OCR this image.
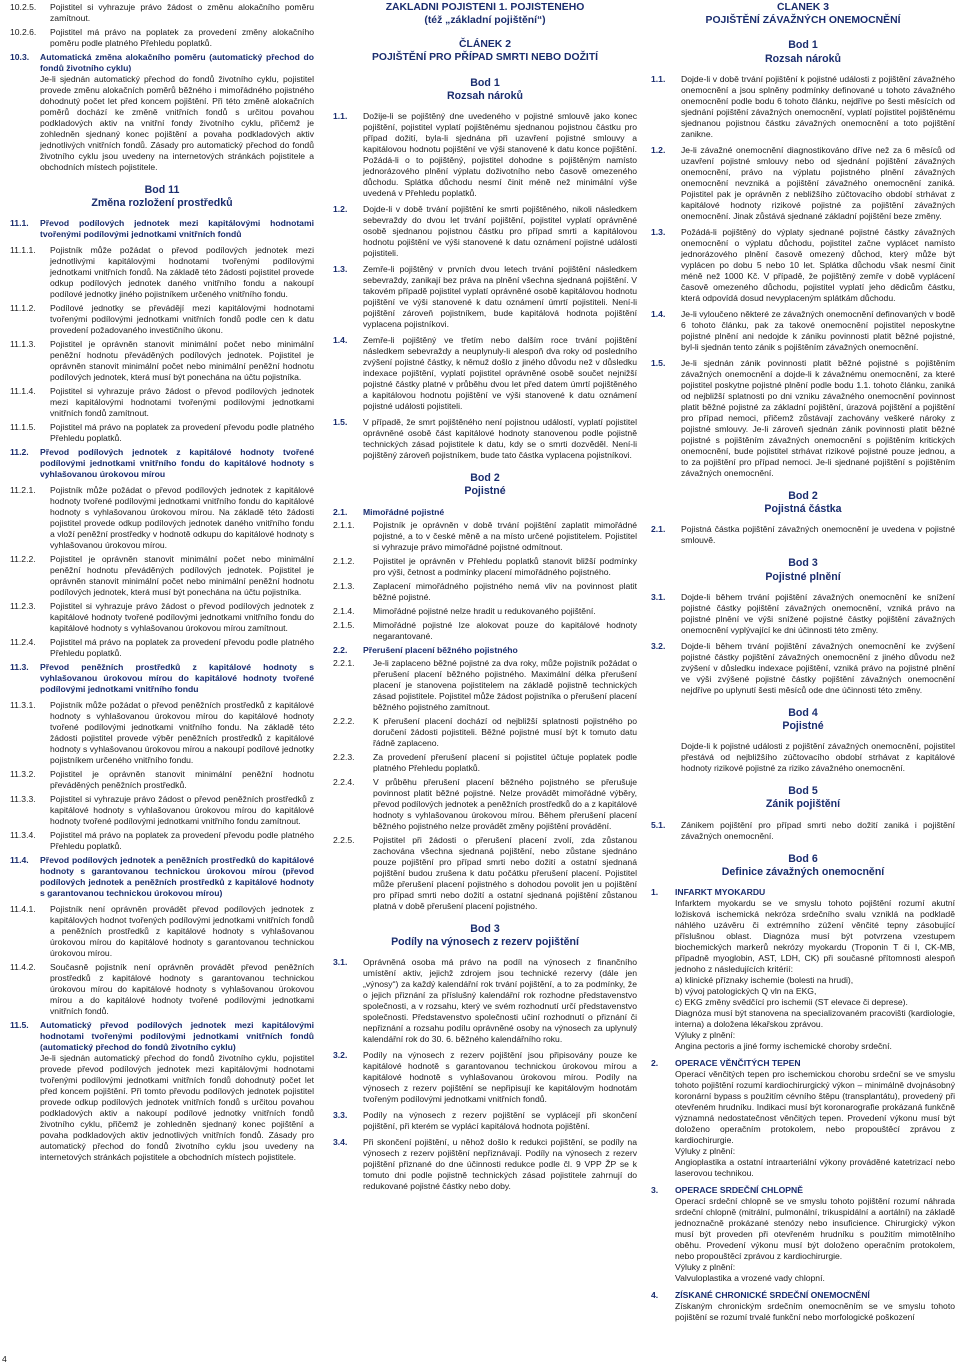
10.2.5.	Pojistitel si vyhrazuje právo žádost o změnu alokačního poměru zamítnout.
10.2.6.	Pojistitel má právo na poplatek za provedení změny alokačního poměru podle platného Přehledu poplatků.
10.3.	Automatická změna alokačního poměru (automatický přechod do fondů životního cyklu)
Je-li sjednán automatický přechod do fondů životního cyklu, pojistitel provede změnu alokačních poměrů běžného i mimořádného pojistného dohodnutý počet let před koncem pojištění. Při této změně alokačních poměrů dochází ke změně vnitřních fondů s určitou povahou podkladových aktiv na vnitřní fondy životního cyklu, přičemž je zohledněn sjednaný konec pojištění a povaha podkladových aktiv jednotlivých vnitřních fondů. Zásady pro automatický přechod do fondů životního cyklu jsou uvedeny na internetových stránkách pojistitele a obchodních místech pojistitele.
Bod 11
Změna rozložení prostředků
11.1.	Převod podílových jednotek mezi kapitálovými hodnotami tvořenými podílovými jednotkami vnitřních fondů
11.1.1.	Pojistník může požádat o převod podílových jednotek mezi jednotlivými kapitálovými hodnotami tvořenými podílovými jednotkami vnitřních fondů. Na základě této žádosti pojistitel provede odkup podílových jednotek daného vnitřního fondu a nakoupí podílové jednotky jiného pojistníkem určeného vnitřního fondu.
11.1.2.	Podílové jednotky se převádějí mezi kapitálovými hodnotami tvořenými podílovými jednotkami vnitřních fondů podle cen k datu provedení požadovaného investičního úkonu.
11.1.3.	Pojistitel je oprávněn stanovit minimální počet nebo minimální peněžní hodnotu převáděných podílových jednotek. Pojistitel je oprávněn stanovit minimální počet nebo minimální peněžní hodnotu podílových jednotek, která musí být ponechána na účtu pojistníka.
11.1.4.	Pojistitel si vyhrazuje právo žádost o převod podílových jednotek mezi kapitálovými hodnotami tvořenými podílovými jednotkami vnitřních fondů zamítnout.
11.1.5.	Pojistitel má právo na poplatek za provedení převodu podle platného Přehledu poplatků.
11.2.	Převod podílových jednotek z kapitálové hodnoty tvořené podílovými jednotkami vnitřního fondu do kapitálové hodnoty s vyhlašovanou úrokovou mírou
11.2.1.	Pojistník může požádat o převod podílových jednotek z kapitálové hodnoty tvořené podílovými jednotkami vnitřního fondu do kapitálové hodnoty s vyhlašovanou úrokovou mírou. Na základě této žádosti pojistitel provede odkup podílových jednotek daného vnitřního fondu a vloží peněžní prostředky v hodnotě odkupu do kapitálové hodnoty s vyhlašovanou úrokovou mírou.
11.2.2.	Pojistitel je oprávněn stanovit minimální počet nebo minimální peněžní hodnotu převáděných podílových jednotek. Pojistitel je oprávněn stanovit minimální počet nebo minimální peněžní hodnotu podílových jednotek, která musí být ponechána na účtu pojistníka.
11.2.3.	Pojistitel si vyhrazuje právo žádost o převod podílových jednotek z kapitálové hodnoty tvořené podílovými jednotkami vnitřního fondu do kapitálové hodnoty s vyhlašovanou úrokovou mírou zamítnout.
11.2.4.	Pojistitel má právo na poplatek za provedení převodu podle platného Přehledu poplatků.
11.3.	Převod peněžních prostředků z kapitálové hodnoty s vyhlašovanou úrokovou mírou do kapitálové hodnoty tvořené podílovými jednotkami vnitřního fondu
11.3.1.	Pojistník může požádat o převod peněžních prostředků z kapitálové hodnoty s vyhlašovanou úrokovou mírou do kapitálové hodnoty tvořené podílovými jednotkami vnitřního fondu. Na základě této žádosti pojistitel provede výběr peněžních prostředků z kapitálové hodnoty s vyhlašovanou úrokovou mírou a nakoupí podílové jednotky pojistníkem určeného vnitřního fondu.
11.3.2.	Pojistitel je oprávněn stanovit minimální peněžní hodnotu převáděných peněžních prostředků.
11.3.3.	Pojistitel si vyhrazuje právo žádost o převod peněžních prostředků z kapitálové hodnoty s vyhlašovanou úrokovou mírou do kapitálové hodnoty tvořené podílovými jednotkami vnitřního fondu zamítnout.
11.3.4.	Pojistitel má právo na poplatek za provedení převodu podle platného Přehledu poplatků.
11.4.	Převod podílových jednotek a peněžních prostředků do kapitálové hodnoty s garantovanou technickou úrokovou mírou (převod podílových jednotek a peněžních prostředků z kapitálové hodnoty s garantovanou technickou úrokovou mírou)
11.4.1.	Pojistník není oprávněn provádět převod podílových jednotek z kapitálových hodnot tvořených podílovými jednotkami vnitřních fondů a peněžních prostředků z kapitálové hodnoty s vyhlašovanou úrokovou mírou do kapitálové hodnoty s garantovanou technickou úrokovou mírou.
11.4.2.	Současně pojistník není oprávněn provádět převod peněžních prostředků z kapitálové hodnoty s garantovanou technickou úrokovou mírou do kapitálové hodnoty s vyhlašovanou úrokovou mírou a do kapitálové hodnoty tvořené podílovými jednotkami vnitřních fondů.
11.5.	Automatický převod podílových jednotek mezi kapitálovými hodnotami tvořenými podílovými jednotkami vnitřních fondů (automatický přechod do fondů životního cyklu)
Je-li sjednán automatický přechod do fondů životního cyklu, pojistitel provede převod podílových jednotek mezi kapitálovými hodnotami tvořenými podílovými jednotkami vnitřních fondů dohodnutý počet let před koncem pojištění. Při tomto převodu podílových jednotek pojistitel provede odkup podílových jednotek vnitřních fondů s určitou povahou podkladových aktiv a nakoupí podílové jednotky vnitřních fondů životního cyklu, přičemž je zohledněn sjednaný konec pojištění a povaha podkladových aktiv jednotlivých vnitřních fondů. Zásady pro automatický přechod do fondů životního cyklu jsou uvedeny na internetových stránkách pojistitele a obchodních místech pojistitele.
ZÁKLADNÍ POJIŠTĚNÍ 1. POJIŠTĚNÉHO
(též „základní pojištění“)
ČLÁNEK 2
POJIŠTĚNÍ PRO PŘÍPAD SMRTI NEBO DOŽITÍ
Bod 1
Rozsah nároků
1.1.	Dožije-li se pojištěný dne uvedeného v pojistné smlouvě jako konec pojištění, pojistitel vyplatí pojištěnému sjednanou pojistnou částku pro případ dožití, byla-li sjednána při uzavření pojistné smlouvy a kapitálovou hodnotu pojištění ve výši stanovené k datu konce pojištění. Požádá-li o to pojištěný, pojistitel dohodne s pojištěným namísto jednorázového plnění výplatu doživotního nebo časově omezeného důchodu. Splátka důchodu nesmí činit méně než minimální výše uvedená v Přehledu poplatků.
1.2.	Dojde-li v době trvání pojištění ke smrti pojištěného, nikoli následkem sebevraždy do dvou let trvání pojištění, pojistitel vyplatí oprávněné osobě sjednanou pojistnou částku pro případ smrti a kapitálovou hodnotu pojištění ve výši stanovené k datu oznámení pojistné události pojistiteli.
1.3.	Zemře-li pojištěný v prvních dvou letech trvání pojištění následkem sebevraždy, zanikají bez práva na plnění všechna sjednaná pojištění. V takovém případě pojistitel vyplatí oprávněné osobě kapitálovou hodnotu pojištění ve výši stanovené k datu oznámení úmrtí pojistiteli. Není-li pojištění zároveň pojistníkem, bude kapitálová hodnota pojištění vyplacena pojistníkovi.
1.4.	Zemře-li pojištěný ve třetím nebo dalším roce trvání pojištění následkem sebevraždy a neuplynuly-li alespoň dva roky od posledního zvýšení pojistné částky, k němuž došlo z jiného důvodu než v důsledku indexace pojištění, vyplatí pojistitel oprávněné osobě součet nejnižší pojistné částky platné v průběhu dvou let před datem úmrtí pojištěného a kapitálovou hodnotu pojištění ve výši stanovené k datu oznámení pojistné události pojistiteli.
1.5.	V případě, že smrt pojištěného není pojistnou událostí, vyplatí pojistitel oprávněné osobě část kapitálové hodnoty stanovenou podle pojistně technických zásad pojistitele k datu, kdy se o smrti dozvěděl. Není-li pojištěný zároveň pojistníkem, bude tato částka vyplacena pojistníkovi.
Bod 2
Pojistné
2.1.	Mimořádné pojistné
2.1.1.	Pojistník je oprávněn v době trvání pojištění zaplatit mimořádné pojistné, a to v české měně a na místo určené pojistitelem. Pojistitel si vyhrazuje právo mimořádné pojistné odmítnout.
2.1.2.	Pojistitel je oprávněn v Přehledu poplatků stanovit bližší podmínky pro výši, četnost a podmínky placení mimořádného pojistného.
2.1.3.	Zaplacení mimořádného pojistného nemá vliv na povinnost platit běžné pojistné.
2.1.4.	Mimořádné pojistné nelze hradit u redukovaného pojištění.
2.1.5.	Mimořádné pojistné lze alokovat pouze do kapitálové hodnoty negarantované.
2.2.	Přerušení placení běžného pojistného
2.2.1.	Je-li zaplaceno běžné pojistné za dva roky, může pojistník požádat o přerušení placení běžného pojistného. Maximální délka přerušení placení je stanovena pojistitelem na základě pojistně technických zásad pojistitele. Pojistitel může žádost pojistníka o přerušení placení běžného pojistného zamítnout.
2.2.2.	K přerušení placení dochází od nejbližší splatnosti pojistného po doručení žádosti pojistiteli. Běžné pojistné musí být k tomuto datu řádně zaplaceno.
2.2.3.	Za provedení přerušení placení si pojistitel účtuje poplatek podle platného Přehledu poplatků.
2.2.4.	V průběhu přerušení placení běžného pojistného se přerušuje povinnost platit běžné pojistné. Nelze provádět mimořádné výběry, převod podílových jednotek a peněžních prostředků do a z kapitálové hodnoty s vyhlašovanou úrokovou mírou. Během přerušení placení běžného pojistného nelze provádět změny pojištění provádění.
2.2.5.	Pojistitel při žádosti o přerušení placení zvolí, zda zůstanou zachována všechna sjednaná pojištění, nebo zůstane sjednáno pouze pojištění pro případ smrti nebo dožití a ostatní sjednaná pojištění budou zrušena k datu počátku přerušení placení. Pojistitel může přerušení placení pojistného s dohodou povolit jen u pojištění pro případ smrti nebo dožití a ostatní sjednaná pojištění zůstanou platná v době přerušení placení pojistného.
Bod 3
Podíly na výnosech z rezerv pojištění
3.1.	Oprávněná osoba má právo na podíl na výnosech z finančního umístění aktiv, jejichž zdrojem jsou technické rezervy (dále jen „výnosy“) za každý kalendářní rok trvání pojištění, a to za podmínky, že o jejich přiznání za příslušný kalendářní rok rozhodne představenstvo společnosti, a v rozsahu, který ve svém rozhodnutí určí představenstvo společnosti. Představenstvo společnosti učiní rozhodnutí o přiznání či nepřiznání a rozsahu podílu oprávněné osoby na výnosech za uplynulý kalendářní rok do 30. 6. běžného kalendářního roku.
3.2.	Podíly na výnosech z rezerv pojištění jsou připisovány pouze ke kapitálové hodnotě s garantovanou technickou úrokovou mírou a kapitálové hodnotě s vyhlašovanou úrokovou mírou. Podíly na výnosech z rezerv pojištění se nepřipisují ke kapitálovým hodnotám tvořeným podílovými jednotkami vnitřních fondů.
3.3.	Podíly na výnosech z rezerv pojištění se vyplácejí při skončení pojištění, při kterém se vyplácí kapitálová hodnota pojištění.
3.4.	Při skončení pojištění, u něhož došlo k redukci pojištění, se podíly na výnosech z rezerv pojištění nepřiznávají. Podíly na výnosech z rezerv pojištění přiznané do dne účinnosti redukce podle čl. 9 VPP ŽP se k tomuto dni podle pojistně technických zásad pojistitele zahrnují do redukované pojistné částky nebo doby.
ČLÁNEK 3
POJIŠTĚNÍ ZÁVAŽNÝCH ONEMOCNĚNÍ
Bod 1
Rozsah nároků
1.1.	Dojde-li v době trvání pojištění k pojistné události z pojištění závažného onemocnění a jsou splněny podmínky definované u tohoto závažného onemocnění podle bodu 6 tohoto článku, nejdříve po šesti měsících od sjednání pojištění závažných onemocnění, vyplatí pojistitel pojištěnému sjednanou pojistnou částku závažných onemocnění a toto pojištění zanikne.
1.2.	Je-li závažné onemocnění diagnostikováno dříve než za 6 měsíců od uzavření pojistné smlouvy nebo od sjednání pojištění závažných onemocnění, právo na výplatu pojistného plnění závažných onemocnění nevzniká a pojištění závažného onemocnění zaniká. Pojistitel pak je oprávněn z nebližšího zúčtovacího období strhávat z kapitálové hodnoty rizikové pojistné za pojištění závažných onemocnění. Jinak zůstává sjednané základní pojištění beze změny.
1.3.	Požádá-li pojištěný do výplaty sjednané pojistné částky závažných onemocnění o výplatu důchodu, pojistitel začne vyplácet namísto jednorázového plnění časově omezený důchod, který může být vyplácen po dobu 5 nebo 10 let. Splátka důchodu však nesmí činit méně než 1000 Kč. V případě, že pojištěný zemře v době vyplácení časově omezeného důchodu, pojistitel vyplatí jeho dědicům částku, která odpovídá dosud nevyplaceným splátkám důchodu.
1.4.	Je-li vyloučeno některé ze závažných onemocnění definovaných v bodě 6 tohoto článku, pak za takové onemocnění pojistitel neposkytne pojistné plnění ani nedojde k zániku povinnosti platit běžné pojistné, byl-li sjednán tento zánik s pojištěním závažných onemocnění.
1.5.	Je-li sjednán zánik povinnosti platit běžné pojistné s pojištěním závažných onemocnění a dojde-li k závažnému onemocnění, za které pojistitel poskytne pojistné plnění podle bodu 1.1. tohoto článku, zaniká od nejbližší splatnosti po dni vzniku závažného onemocnění povinnost platit běžné pojistné za základní pojištění, úrazová pojištění a pojištění pro případ nemoci, přičemž zůstávají zachovány veškeré nároky z pojistné smlouvy. Je-li zároveň sjednán zánik povinnosti platit běžné pojistné s pojištěním závažných onemocnění s pojištěním kritických onemocnění, bude pojistitel strhávat rizikové pojistné pouze jednou, a to za pojištění pro případ nemoci. Je-li sjednané pojištění s pojištěním závažných onemocnění.
Bod 2
Pojistná částka
2.1.	Pojistná částka pojištění závažných onemocnění je uvedena v pojistné smlouvě.
Bod 3
Pojistné plnění
3.1.	Dojde-li během trvání pojištění závažných onemocnění ke snížení pojistné částky pojištění závažných onemocnění, vzniká právo na pojistné plnění ve výši snížené pojistné částky pojištění závažných onemocnění vyplývající ke dni účinnosti této změny.
3.2.	Dojde-li během trvání pojištění závažných onemocnění ke zvýšení pojistné částky pojištění závažných onemocnění z jiného důvodu než zvýšení v důsledku indexace pojištění, vzniká právo na pojistné plnění ve výši zvýšené pojistné částky pojištění závažných onemocnění nejdříve po uplynutí šesti měsíců ode dne účinnosti této změny.
Bod 4
Pojistné
Dojde-li k pojistné události z pojištění závažných onemocnění, pojistitel přestává od nejbližšího zúčtovacího období strhávat z kapitálové hodnoty rizikové pojistné za riziko závažného onemocnění.
Bod 5
Zánik pojištění
5.1.	Zánikem pojištění pro případ smrti nebo dožití zaniká i pojištění závažných onemocnění.
Bod 6
Definice závažných onemocnění
1.	INFARKT MYOKARDU
Infarktem myokardu se ve smyslu tohoto pojištění rozumí akutní ložisková ischemická nekróza srdečního svalu vzniklá na podkladě náhlého uzávěru či extrémního zúžení věnčité tepny zásobující příslušnou oblast. Diagnóza musí být potvrzena vzestupem biochemických markerů nekrózy myokardu (Troponin T či I, CK-MB, případně myoglobin, AST, LDH, CK) při současné přítomnosti alespoň jednoho z následujících kritérií:
a) klinické příznaky ischemie (bolesti na hrudi),
b) vývoj patologických Q vln na EKG,
c) EKG změny svědčící pro ischemii (ST elevace či deprese).
Diagnóza musí být stanovena na specializovaném pracovišti (kardiologie, interna) a doložena lékařskou zprávou.
Výluky z plnění:
Angina pectoris a jiné formy ischemické choroby srdeční.
2.	OPERACE VĚNČITÝCH TEPEN
Operací věnčitých tepen pro ischemickou chorobu srdeční se ve smyslu tohoto pojištění rozumí kardiochirurgický výkon – minimálně dvojnásobný koronární bypass s použitím cévního štěpu (transplantátu), provedený při otevřeném hrudníku. Indikaci musí být koronarografie prokázaná funkčně významná nedostatečnost věnčitých tepen. Provedení výkonu musí být doloženo operačním protokolem, nebo propouštěcí zprávou z kardiochirurgie.
Výluky z plnění:
Angioplastika a ostatní intraarteriální výkony prováděné katetrizací nebo laserovou technikou.
3.	OPERACE SRDEČNÍ CHLOPNĚ
Operací srdeční chlopně se ve smyslu tohoto pojištění rozumí náhrada srdeční chlopně (mitrální, pulmonální, trikuspidální a aortální) na základě jednoznačně prokázané stenózy nebo insuficience. Chirurgický výkon musí být proveden při otevřeném hrudníku s použitím mimotělního oběhu. Provedení výkonu musí být doloženo operačním protokolem, nebo propouštěcí zprávou z kardiochirurgie.
Výluky z plnění:
Valvuloplastika a vrozené vady chlopní.
4.	ZÍSKANÉ CHRONICKÉ SRDEČNÍ ONEMOCNĚNÍ
Získaným chronickým srdečním onemocněním se ve smyslu tohoto pojištění se rozumí trvalé funkční nebo morfologické poškození
4
